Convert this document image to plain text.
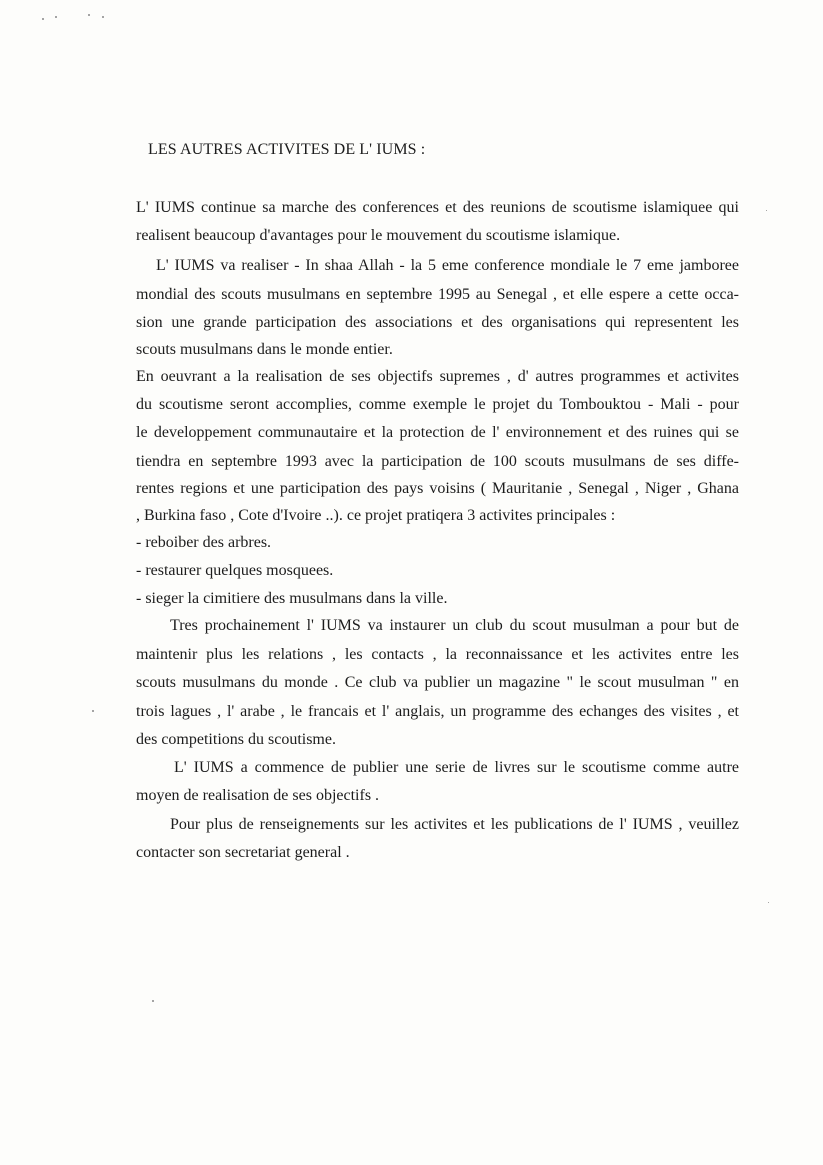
LES AUTRES ACTIVITES DE L' IUMS :
L' IUMS continue sa marche des conferences et des reunions de scoutisme islamiquee qui
realisent beaucoup d'avantages pour le mouvement du scoutisme islamique.
L' IUMS va realiser - In shaa Allah - la 5 eme conference mondiale le 7 eme jamboree
mondial des scouts musulmans en septembre 1995 au Senegal , et elle espere a cette occa-
sion une grande participation des associations et des organisations qui representent les
scouts musulmans dans le monde entier.
En oeuvrant a la realisation de ses objectifs supremes , d' autres programmes et activites
du scoutisme seront accomplies, comme exemple le projet du Tombouktou - Mali - pour
le developpement communautaire et la protection de l' environnement et des ruines qui se
tiendra en septembre 1993 avec la participation de 100 scouts musulmans de ses diffe-
rentes regions et une participation des pays voisins ( Mauritanie , Senegal , Niger , Ghana
, Burkina faso , Cote d'Ivoire ..). ce projet pratiqera 3 activites principales :
- reboiber des arbres.
- restaurer quelques mosquees.
- sieger la cimitiere des musulmans dans la ville.
Tres prochainement l' IUMS va instaurer un club du scout musulman a pour but de
maintenir plus les relations , les contacts , la reconnaissance et les activites entre les
scouts musulmans du monde . Ce club va publier un magazine " le scout musulman " en
trois lagues , l' arabe , le francais et l' anglais, un programme des echanges des visites , et
des competitions du scoutisme.
L' IUMS a commence de publier une serie de livres sur le scoutisme comme autre
moyen de realisation de ses objectifs .
Pour plus de renseignements sur les activites et les publications de l' IUMS , veuillez
contacter son secretariat general .
